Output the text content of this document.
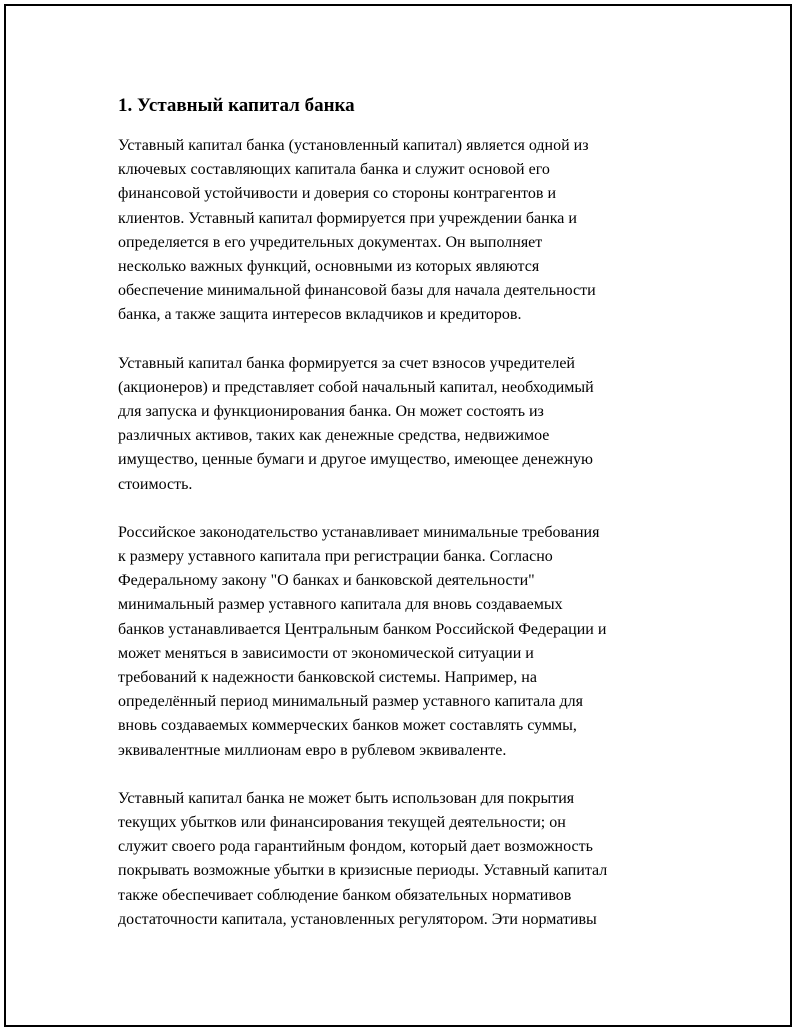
1. Уставный капитал банка

Уставный капитал банка (установленный капитал) является одной из
ключевых составляющих капитала банка и служит основой его
финансовой устойчивости и доверия со стороны контрагентов и
клиентов. Уставный капитал формируется при учреждении банка и
определяется в его учредительных документах. Он выполняет
несколько важных функций, основными из которых являются
обеспечение минимальной финансовой базы для начала деятельности
банка, а также защита интересов вкладчиков и кредиторов.

Уставный капитал банка формируется за счет взносов учредителей
(акционеров) и представляет собой начальный капитал, необходимый
для запуска и функционирования банка. Он может состоять из
различных активов, таких как денежные средства, недвижимое
имущество, ценные бумаги и другое имущество, имеющее денежную
стоимость.

Российское законодательство устанавливает минимальные требования
к размеру уставного капитала при регистрации банка. Согласно
Федеральному закону "О банках и банковской деятельности"
минимальный размер уставного капитала для вновь создаваемых
банков устанавливается Центральным банком Российской Федерации и
может меняться в зависимости от экономической ситуации и
требований к надежности банковской системы. Например, на
определённый период минимальный размер уставного капитала для
вновь создаваемых коммерческих банков может составлять суммы,
эквивалентные миллионам евро в рублевом эквиваленте.

Уставный капитал банка не может быть использован для покрытия
текущих убытков или финансирования текущей деятельности; он
служит своего рода гарантийным фондом, который дает возможность
покрывать возможные убытки в кризисные периоды. Уставный капитал
также обеспечивает соблюдение банком обязательных нормативов
достаточности капитала, установленных регулятором. Эти нормативы
